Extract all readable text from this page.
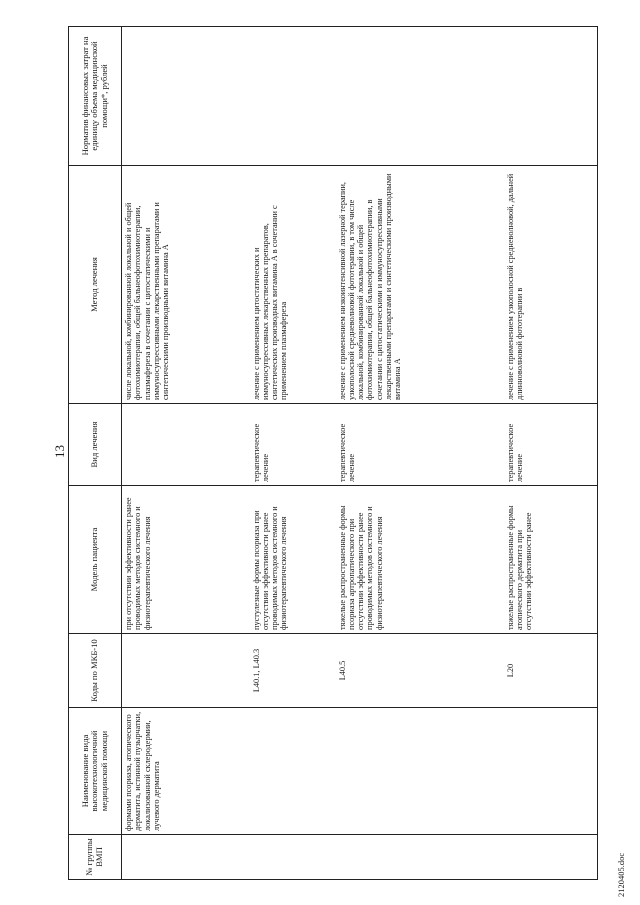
13
№ группы ВМП	Наименование вида высокотехнологичной медицинской помощи	Коды по МКБ-10	Модель пациента	Вид лечения	Метод лечения	Норматив финансовых затрат на единицу объема медицинской помощи*, рублей
	формами псориаза, атопического дерматита, истинной пузырчатки, локализованной склеродермии, лучевого дерматита		при отсутствии эффективности ранее проводимых методов системного и физиотерапевтического лечения		числе локальной, комбинированной локальной и общей фотохимиотерапии, общей бальнеофотохимиотерапии, плазмафереза в сочетании с цитостатическими и иммуносупрессивными лекарственными препаратами и синтетическими производными витамина А	
		L40.1, L40.3	пустулезные формы псориаза при отсутствии эффективности ранее проводимых методов системного и физиотерапевтического лечения	терапевтическое лечение	лечение с применением цитостатических и иммуносупрессивных лекарственных препаратов, синтетических производных витамина А в сочетании с применением плазмафереза	
		L40.5	тяжелые распространенные формы псориаза артропатического при отсутствии эффективности ранее проводимых методов системного и физиотерапевтического лечения	терапевтическое лечение	лечение с применением низкоинтенсивной лазерной терапии, узкополосной средневолновой фототерапии, в том числе локальной, комбинированной локальной и общей фотохимиотерапии, общей бальнеофотохимиотерапии, в сочетании с цитостатическими и иммуносупрессивными лекарственными препаратами и синтетическими производными витамина А	
		L20	тяжелые распространенные формы атопического дерматита при отсутствии эффективности ранее	терапевтическое лечение	лечение с применением узкополосной средневолновой, дальней длинноволновой фототерапии в	
2120405.doc
